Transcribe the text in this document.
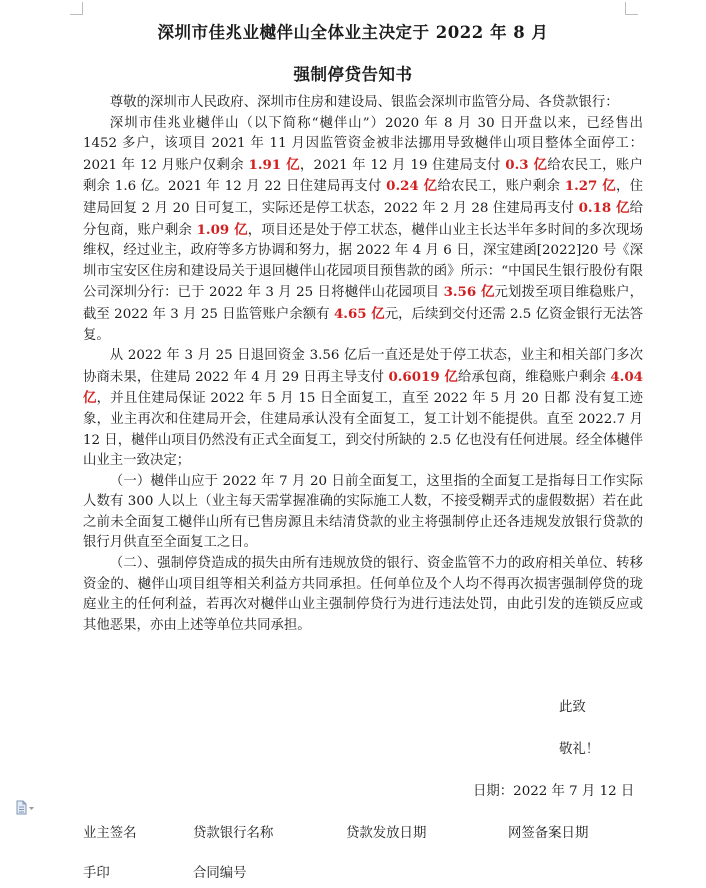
深圳市佳兆业樾伴山全体业主决定于 2022 年 8 月
强制停贷告知书

尊敬的深圳市人民政府、深圳市住房和建设局、银监会深圳市监管分局、各贷款银行：

深圳市佳兆业樾伴山（以下简称“樾伴山”）2020 年 8 月 30 日开盘以来，已经售出 1452 多户，该项目 2021 年 11 月因监管资金被非法挪用导致樾伴山项目整体全面停工：2021 年 12 月账户仅剩余 1.91 亿，2021 年 12 月 19 住建局支付 0.3 亿给农民工，账户剩余 1.6 亿。2021 年 12 月 22 日住建局再支付 0.24 亿给农民工，账户剩余 1.27 亿，住建局回复 2 月 20 日可复工，实际还是停工状态，2022 年 2 月 28 住建局再支付 0.18 亿给分包商，账户剩余 1.09 亿，项目还是处于停工状态，樾伴山业主长达半年多时间的多次现场维权，经过业主，政府等多方协调和努力，据 2022 年 4 月 6 日，深宝建函[2022]20 号《深圳市宝安区住房和建设局关于退回樾伴山花园项目预售款的函》所示：“中国民生银行股份有限公司深圳分行：已于 2022 年 3 月 25 日将樾伴山花园项目 3.56 亿元划拨至项目维稳账户，截至 2022 年 3 月 25 日监管账户余额有 4.65 亿元，后续到交付还需 2.5 亿资金银行无法答复。

从 2022 年 3 月 25 日退回资金 3.56 亿后一直还是处于停工状态，业主和相关部门多次协商未果，住建局 2022 年 4 月 29 日再主导支付 0.6019 亿给承包商，维稳账户剩余 4.04 亿，并且住建局保证 2022 年 5 月 15 日全面复工，直至 2022 年 5 月 20 日都 没有复工迹象，业主再次和住建局开会，住建局承认没有全面复工，复工计划不能提供。直至 2022.7 月 12 日，樾伴山项目仍然没有正式全面复工，到交付所缺的 2.5 亿也没有任何进展。经全体樾伴山业主一致决定；

（一）樾伴山应于 2022 年 7 月 20 日前全面复工，这里指的全面复工是指每日工作实际人数有 300 人以上（业主每天需掌握准确的实际施工人数，不接受糊弄式的虚假数据）若在此之前未全面复工樾伴山所有已售房源且未结清贷款的业主将强制停止还各违规发放银行贷款的银行月供直至全面复工之日。

（二）、强制停贷造成的损失由所有违规放贷的银行、资金监管不力的政府相关单位、转移资金的、樾伴山项目组等相关利益方共同承担。任何单位及个人均不得再次损害强制停贷的珑庭业主的任何利益，若再次对樾伴山业主强制停贷行为进行违法处罚，由此引发的连锁反应或其他恶果，亦由上述等单位共同承担。

此致
敬礼！
日期：2022 年 7 月 12 日
业主签名	贷款银行名称	贷款发放日期	网签备案日期
手印	合同编号
